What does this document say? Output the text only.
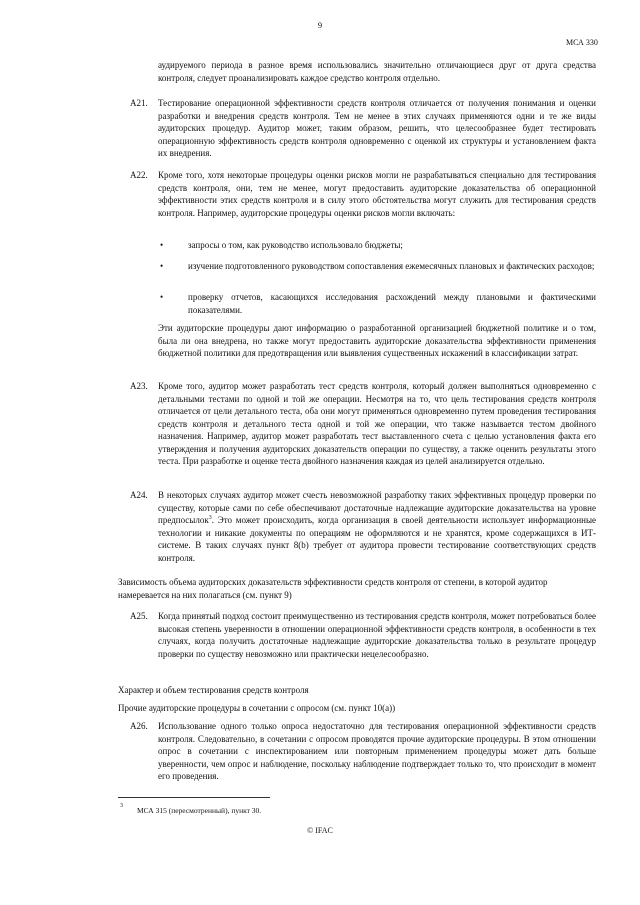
9
МСА 330

аудируемого периода в разное время использовались значительно отличающиеся друг от друга средства контроля, следует проанализировать каждое средство контроля отдельно.

A21. Тестирование операционной эффективности средств контроля отличается от получения понимания и оценки разработки и внедрения средств контроля. Тем не менее в этих случаях применяются одни и те же виды аудиторских процедур. Аудитор может, таким образом, решить, что целесообразнее будет тестировать операционную эффективность средств контроля одновременно с оценкой их структуры и установлением факта их внедрения.

A22. Кроме того, хотя некоторые процедуры оценки рисков могли не разрабатываться специально для тестирования средств контроля, они, тем не менее, могут предоставить аудиторские доказательства об операционной эффективности этих средств контроля и в силу этого обстоятельства могут служить для тестирования средств контроля. Например, аудиторские процедуры оценки рисков могли включать:

•	запросы о том, как руководство использовало бюджеты;

•	изучение подготовленного руководством сопоставления ежемесячных плановых и фактических расходов;

•	проверку отчетов, касающихся исследования расхождений между плановыми и фактическими показателями.

Эти аудиторские процедуры дают информацию о разработанной организацией бюджетной политике и о том, была ли она внедрена, но также могут предоставить аудиторские доказательства эффективности применения бюджетной политики для предотвращения или выявления существенных искажений в классификации затрат.

A23. Кроме того, аудитор может разработать тест средств контроля, который должен выполняться одновременно с детальными тестами по одной и той же операции. Несмотря на то, что цель тестирования средств контроля отличается от цели детального теста, оба они могут применяться одновременно путем проведения тестирования средств контроля и детального теста одной и той же операции, что также называется тестом двойного назначения. Например, аудитор может разработать тест выставленного счета с целью установления факта его утверждения и получения аудиторских доказательств операции по существу, а также оценить результаты этого теста. При разработке и оценке теста двойного назначения каждая из целей анализируется отдельно.

A24. В некоторых случаях аудитор может счесть невозможной разработку таких эффективных процедур проверки по существу, которые сами по себе обеспечивают достаточные надлежащие аудиторские доказательства на уровне предпосылок$^3$. Это может происходить, когда организация в своей деятельности использует информационные технологии и никакие документы по операциям не оформляются и не хранятся, кроме содержащихся в ИТ-системе. В таких случаях пункт 8(b) требует от аудитора провести тестирование соответствующих средств контроля.

Зависимость объема аудиторских доказательств эффективности средств контроля от степени, в которой аудитор намеревается на них полагаться (см. пункт 9)

A25. Когда принятый подход состоит преимущественно из тестирования средств контроля, может потребоваться более высокая степень уверенности в отношении операционной эффективности средств контроля, в особенности в тех случаях, когда получить достаточные надлежащие аудиторские доказательства только в результате процедур проверки по существу невозможно или практически нецелесообразно.

Характер и объем тестирования средств контроля

Прочие аудиторские процедуры в сочетании с опросом (см. пункт 10(а))

A26. Использование одного только опроса недостаточно для тестирования операционной эффективности средств контроля. Следовательно, в сочетании с опросом проводятся прочие аудиторские процедуры. В этом отношении опрос в сочетании с инспектированием или повторным применением процедуры может дать больше уверенности, чем опрос и наблюдение, поскольку наблюдение подтверждает только то, что происходит в момент его проведения.

3 МСА 315 (пересмотренный), пункт 30.
© IFAC
